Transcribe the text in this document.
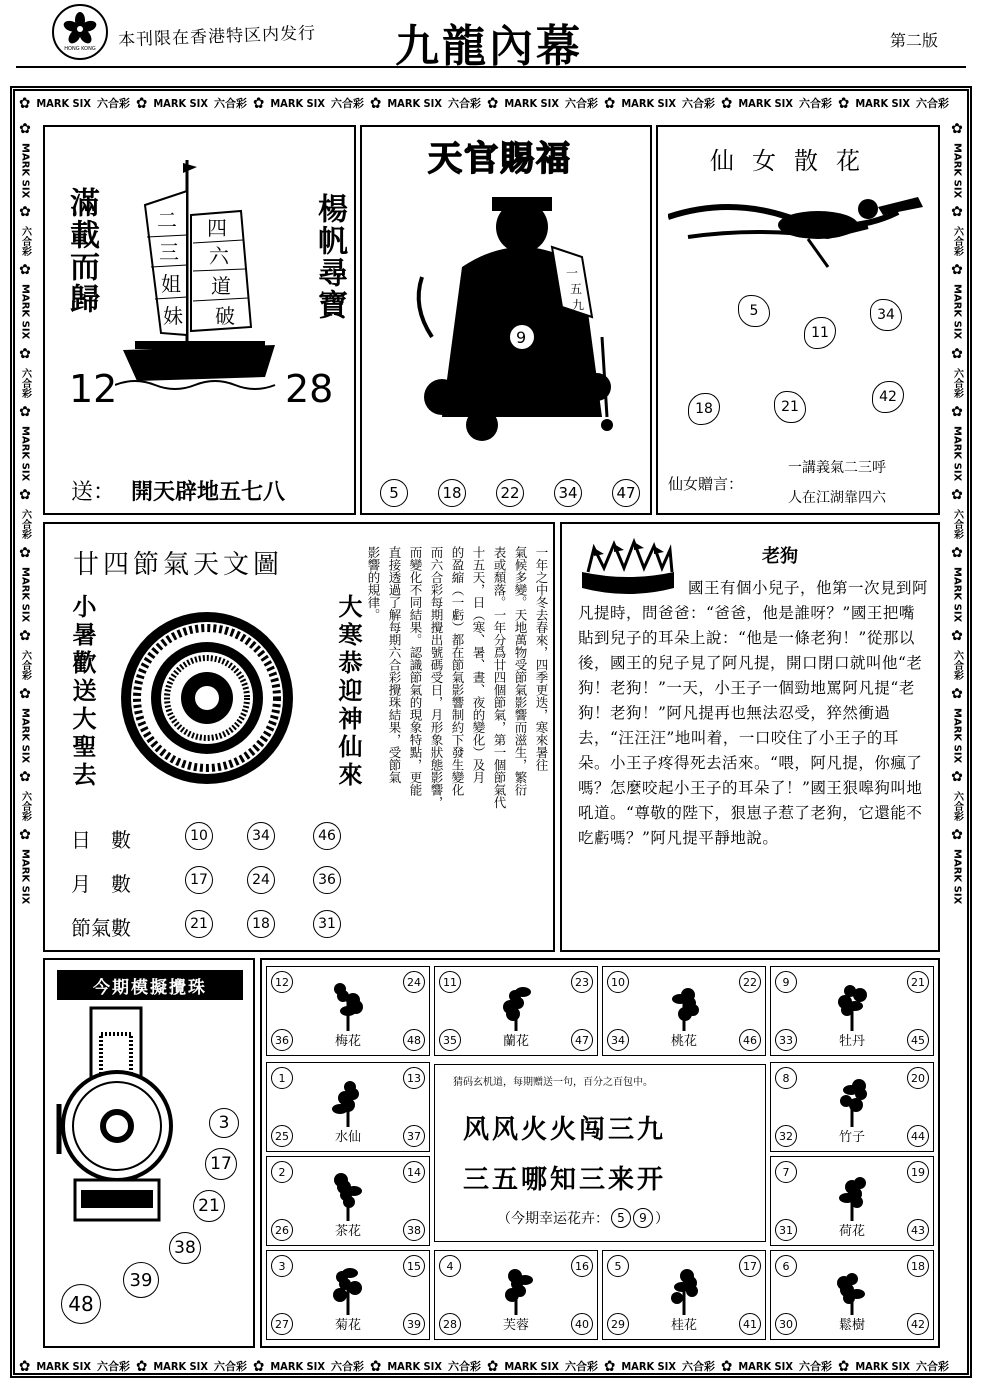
HONG KONG 本刊限在香港特区内发行 九龍內幕	第二版
✿ MARK SIX 六合彩 ✿ MARK SIX 六合彩 ✿ MARK SIX 六合彩 ✿ MARK SIX 六合彩 ✿ MARK SIX 六合彩 ✿ MARK SIX 六合彩 ✿ MARK SIX 六合彩 ✿ MARK SIX 六合彩
✿ MARK SIX 六合彩 ✿ MARK SIX 六合彩 ✿ MARK SIX 六合彩 ✿ MARK SIX 六合彩 ✿ MARK SIX 六合彩 ✿ MARK SIX 六合彩 ✿ MARK SIX 六合彩 ✿ MARK SIX 六合彩
✿
MARK SIX
✿
六合彩
✿
MARK SIX
✿
六合彩
✿
MARK SIX
✿
六合彩
✿
MARK SIX
✿
六合彩
✿
MARK SIX
✿
六合彩
✿
MARK SIX
✿
MARK SIX
✿
六合彩
✿
MARK SIX
✿
六合彩
✿
MARK SIX
✿
六合彩
✿
MARK SIX
✿
六合彩
✿
MARK SIX
✿
六合彩
✿
MARK SIX
滿載而歸	楊帆尋寶
二
三
姐
妹
四
六
道
破
12	28
送： 開天辟地五七八
天官賜福
一
五
九
9
5	18	22	34	47
仙女散花
5
11
34
18	21
42
仙女贈言：
一講義氣二三呼
人在江湖靠四六
廿四節氣天文圖
小暑歡送大聖去	大寒恭迎神仙來
日　數	10	34	46
月　數	17	24	36
節氣數	21	18	31
一年之中冬去春來，四季更迭，寒來暑往
氣候多變。天地萬物受節氣影響而滋生，繁衍
表或頹落。一年分爲廿四個節氣，第一個節氣代
十五天，日（寒、暑、晝、夜的變化）及月
的盈縮（一虧）都在節氣影響制約下發生變化
而六合彩每期攪出號碼受日，月形象狀態影響，
而變化不同結果。認識節氣的現象特點，更能
直接透過了解每期六合彩攪珠結果，受節氣
影響的規律。	老狗
國王有個小兒子，他第一次見到阿凡提時，問爸爸：“爸爸，他是誰呀？”國王把嘴貼到兒子的耳朵上說：“他是一條老狗！”從那以後，國王的兒子見了阿凡提，開口閉口就叫他“老狗！老狗！”一天，小王子一個勁地罵阿凡提“老狗！老狗！”阿凡提再也無法忍受，猝然衝過去，“汪汪汪”地叫着，一口咬住了小王子的耳朵。小王子疼得死去活來。“喂，阿凡提，你瘋了嗎？怎麼咬起小王子的耳朵了！”國王狠嗥狗叫地吼道。“尊敬的陛下，狠崽子惹了老狗，它還能不吃虧嗎？”阿凡提平靜地說。
今期模擬攪珠
3
17
21
38
39
48
猜码玄机道，每期赠送一句，百分之百包中。
风风火火闯三九
三五哪知三来开
（今期幸运花卉： 5	9 ）
12	24
36	48
梅花
11	23
35	47
蘭花
10	22
34	46
桃花
9	21
33	45
牡丹
1	13
25	37
水仙
8	20
32	44
竹子
2	14
26	38
茶花
7	19
31	43
荷花
3	15
27	39
菊花
4	16
28	40
芙蓉
5	17
29	41
桂花
6	18
30	42
鬆樹
